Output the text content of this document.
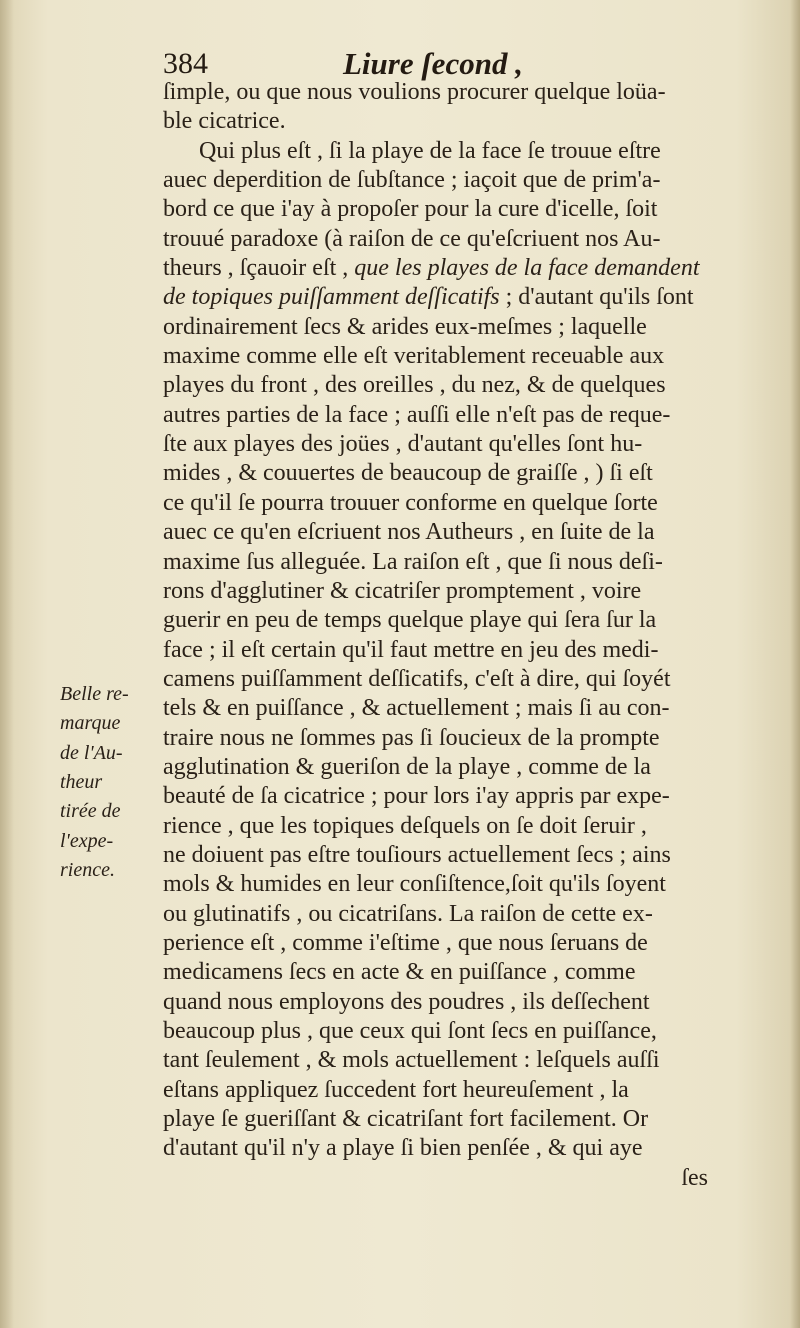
384	Liure ſecond ,
Belle re-
marque
de l'Au-
theur
tirée de
l'expe-
rience.
ſimple, ou que nous voulions procurer quelque loüa-
ble cicatrice.
Qui plus eſt , ſi la playe de la face ſe trouue eſtre
auec deperdition de ſubſtance ; iaçoit que de prim'a-
bord ce que i'ay à propoſer pour la cure d'icelle, ſoit
trouué paradoxe (à raiſon de ce qu'eſcriuent nos Au-
theurs , ſçauoir eſt , que les playes de la face demandent
de topiques puiſſamment deſſicatifs ; d'autant qu'ils ſont
ordinairement ſecs & arides eux-meſmes ; laquelle
maxime comme elle eſt veritablement receuable aux
playes du front , des oreilles , du nez, & de quelques
autres parties de la face ; auſſi elle n'eſt pas de reque-
ſte aux playes des joües , d'autant qu'elles ſont hu-
mides , & couuertes de beaucoup de graiſſe , ) ſi eſt
ce qu'il ſe pourra trouuer conforme en quelque ſorte
auec ce qu'en eſcriuent nos Autheurs , en ſuite de la
maxime ſus alleguée. La raiſon eſt , que ſi nous deſi-
rons d'agglutiner & cicatriſer promptement , voire
guerir en peu de temps quelque playe qui ſera ſur la
face ; il eſt certain qu'il faut mettre en jeu des medi-
camens puiſſamment deſſicatifs, c'eſt à dire, qui ſoyét
tels & en puiſſance , & actuellement ; mais ſi au con-
traire nous ne ſommes pas ſi ſoucieux de la prompte
agglutination & gueriſon de la playe , comme de la
beauté de ſa cicatrice ; pour lors i'ay appris par expe-
rience , que les topiques deſquels on ſe doit ſeruir ,
ne doiuent pas eſtre touſiours actuellement ſecs ; ains
mols & humides en leur conſiſtence,ſoit qu'ils ſoyent
ou glutinatifs , ou cicatriſans. La raiſon de cette ex-
perience eſt , comme i'eſtime , que nous ſeruans de
medicamens ſecs en acte & en puiſſance , comme
quand nous employons des poudres , ils deſſechent
beaucoup plus , que ceux qui ſont ſecs en puiſſance,
tant ſeulement , & mols actuellement : leſquels auſſi
eſtans appliquez ſuccedent fort heureuſement , la
playe ſe gueriſſant & cicatriſant fort facilement. Or
d'autant qu'il n'y a playe ſi bien penſée , & qui aye
ſes
